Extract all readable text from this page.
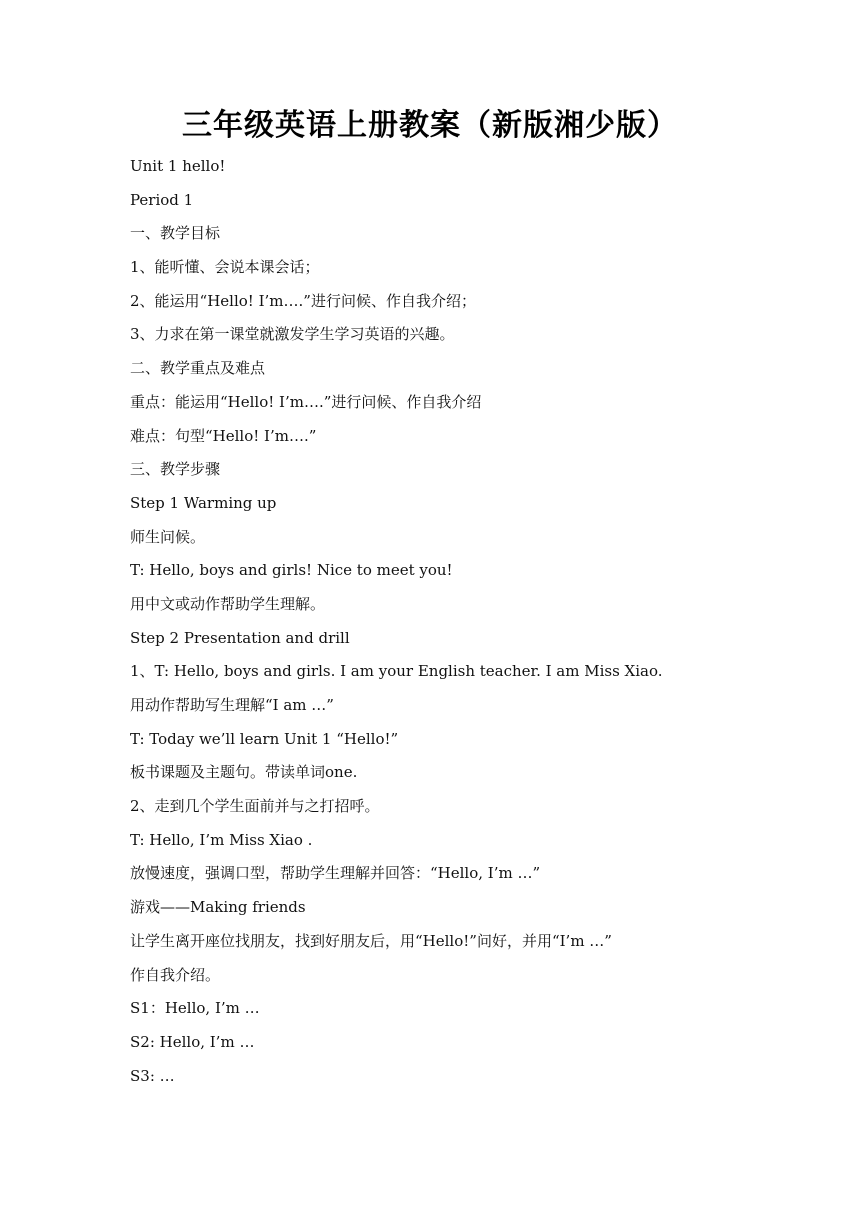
三年级英语上册教案（新版湘少版）
Unit 1 hello!
Period 1
一、教学目标
1、能听懂、会说本课会话；
2、能运用“Hello! I’m….”进行问候、作自我介绍；
3、力求在第一课堂就激发学生学习英语的兴趣。
二、教学重点及难点
重点：能运用“Hello! I’m….”进行问候、作自我介绍
难点：句型“Hello! I’m….”
三、教学步骤
Step 1 Warming up
师生问候。
T: Hello, boys and girls! Nice to meet you!
用中文或动作帮助学生理解。
Step 2 Presentation and drill
1、T: Hello, boys and girls. I am your English teacher. I am Miss Xiao.
用动作帮助写生理解“I am …”
T: Today we’ll learn Unit 1 “Hello!”
板书课题及主题句。带读单词one.
2、走到几个学生面前并与之打招呼。
T: Hello, I’m Miss Xiao .
放慢速度，强调口型，帮助学生理解并回答：“Hello, I’m …”
游戏——Making friends
让学生离开座位找朋友，找到好朋友后，用“Hello!”问好，并用“I’m …”
作自我介绍。
S1：Hello, I’m …
S2: Hello, I’m …
S3: …
